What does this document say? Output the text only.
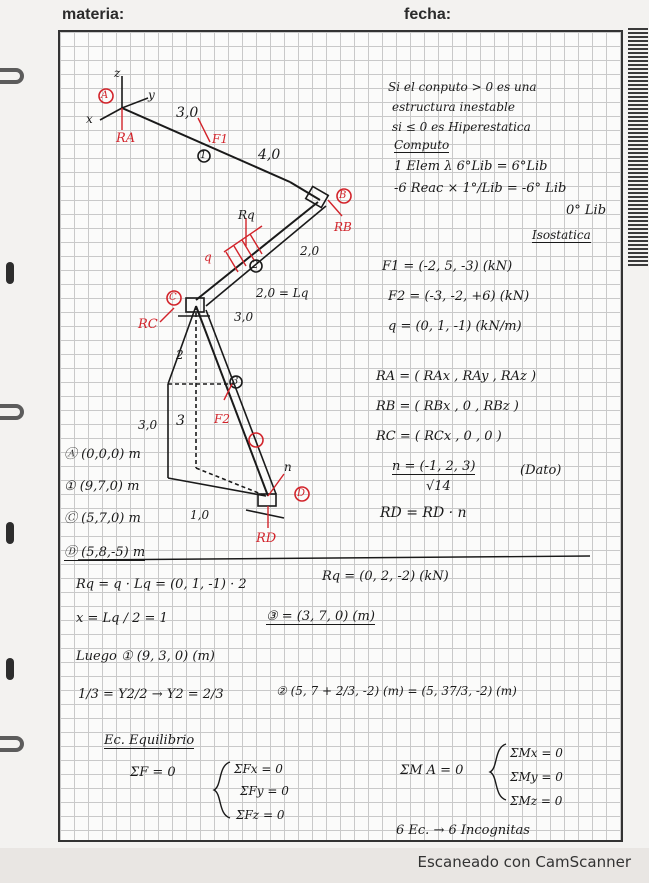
materia:	fecha:
z
y
x
A
1
B
2
C
3
D
3,0
4,0
2,0
2,0 = Lq
3,0
2
3
3,0
1,0
RA	F1
RB
RC
Rq
q
F2
RD
n
Si el conputo > 0 es una
estructura inestable
si ≤ 0 es Hiperestatica
Computo
1 Elem λ 6°Lib = 6°Lib
-6 Reac × 1°/Lib = -6° Lib
0° Lib
Isostatica
F1 = (-2, 5, -3) (kN)
F2 = (-3, -2, +6) (kN)
q = (0, 1, -1) (kN/m)
RA = ( RAx , RAy , RAz )
RB = ( RBx , 0 , RBz )
RC = ( RCx , 0 , 0 )
n = (-1, 2, 3)
√14
(Dato)
RD = RD · n
Ⓐ (0,0,0) m
① (9,7,0) m
Ⓒ (5,7,0) m
Ⓓ (5,8,-5) m
Rq = q · Lq = (0, 1, -1) · 2
Rq = (0, 2, -2) (kN)
x = Lq / 2 = 1	③ = (3, 7, 0) (m)
Luego ① (9, 3, 0) (m)
1/3 = Y2/2 → Y2 = 2/3	② (5, 7 + 2/3, -2) (m) = (5, 37/3, -2) (m)
Ec. Equilibrio
ΣF = 0	ΣFx = 0
ΣFy = 0
ΣFz = 0
ΣM A = 0
ΣMx = 0
ΣMy = 0
ΣMz = 0
6 Ec. → 6 Incognitas
Escaneado con CamScanner
